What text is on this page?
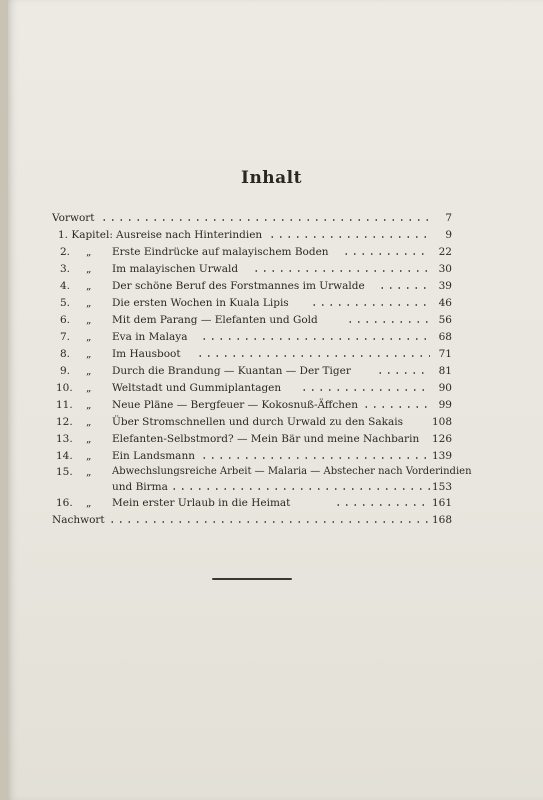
Inhalt
Vorwort	7
1. Kapitel: Ausreise nach Hinterindien	9
2.	„	Erste Eindrücke auf malayischem Boden	22
3.	„	Im malayischen Urwald	30
4.	„	Der schöne Beruf des Forstmannes im Urwalde	39
5.	„	Die ersten Wochen in Kuala Lipis	46
6.	„	Mit dem Parang — Elefanten und Gold	56
7.	„	Eva in Malaya	68
8.	„	Im Hausboot	71
9.	„	Durch die Brandung — Kuantan — Der Tiger	81
10.	„	Weltstadt und Gummiplantagen	90
11.	„	Neue Pläne — Bergfeuer — Kokosnuß-Äffchen	99
12.	„	Über Stromschnellen und durch Urwald zu den Sakais	108
13.	„	Elefanten-Selbstmord? — Mein Bär und meine Nachbarin 126
14.	„	Ein Landsmann	139
15.	„	Abwechslungsreiche Arbeit — Malaria — Abstecher nach Vorderindien
und Birma	153
16.	„	Mein erster Urlaub in die Heimat	161
Nachwort	168
